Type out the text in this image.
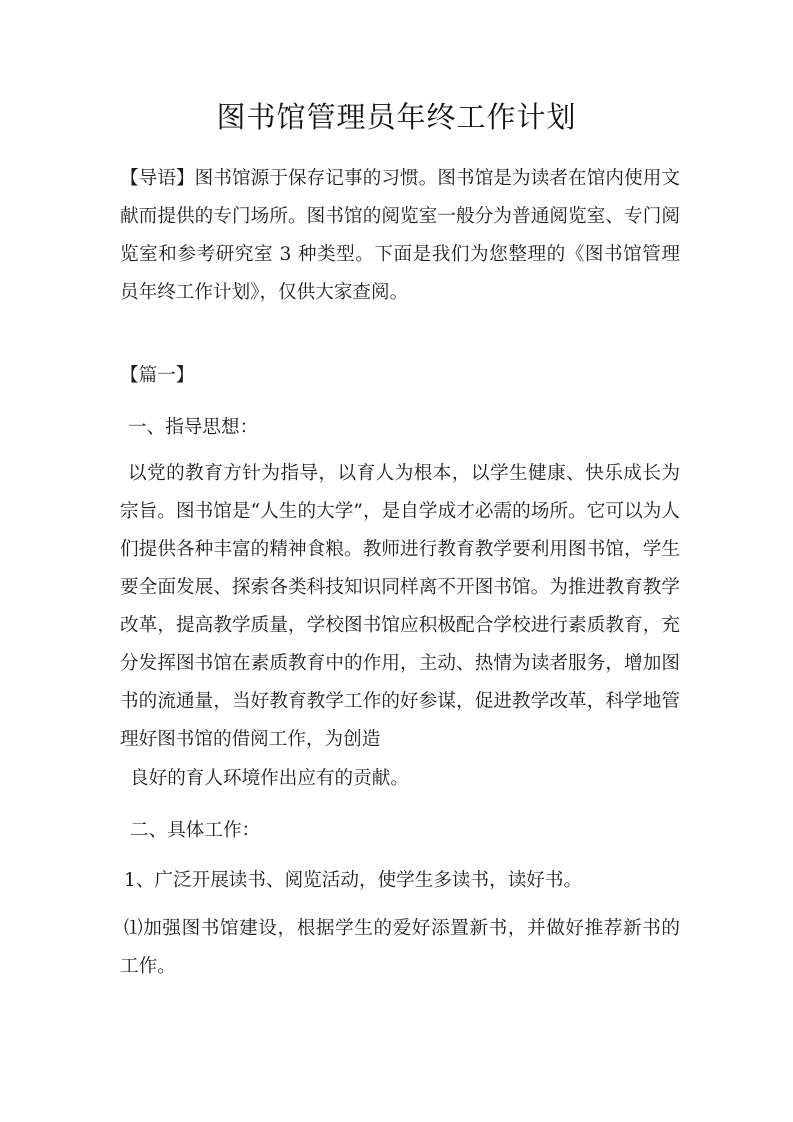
图书馆管理员年终工作计划

【导语】图书馆源于保存记事的习惯。图书馆是为读者在馆内使用文献而提供的专门场所。图书馆的阅览室一般分为普通阅览室、专门阅览室和参考研究室 3 种类型。下面是我们为您整理的《图书馆管理员年终工作计划》，仅供大家查阅。

【篇一】

一、指导思想：

以党的教育方针为指导，以育人为根本，以学生健康、快乐成长为宗旨。图书馆是“人生的大学”，是自学成才必需的场所。它可以为人们提供各种丰富的精神食粮。教师进行教育教学要利用图书馆，学生要全面发展、探索各类科技知识同样离不开图书馆。为推进教育教学改革，提高教学质量，学校图书馆应积极配合学校进行素质教育，充分发挥图书馆在素质教育中的作用，主动、热情为读者服务，增加图书的流通量，当好教育教学工作的好参谋，促进教学改革，科学地管理好图书馆的借阅工作，为创造

良好的育人环境作出应有的贡献。

二、具体工作：

1、广泛开展读书、阅览活动，使学生多读书，读好书。

⑴加强图书馆建设，根据学生的爱好添置新书，并做好推荐新书的工作。
